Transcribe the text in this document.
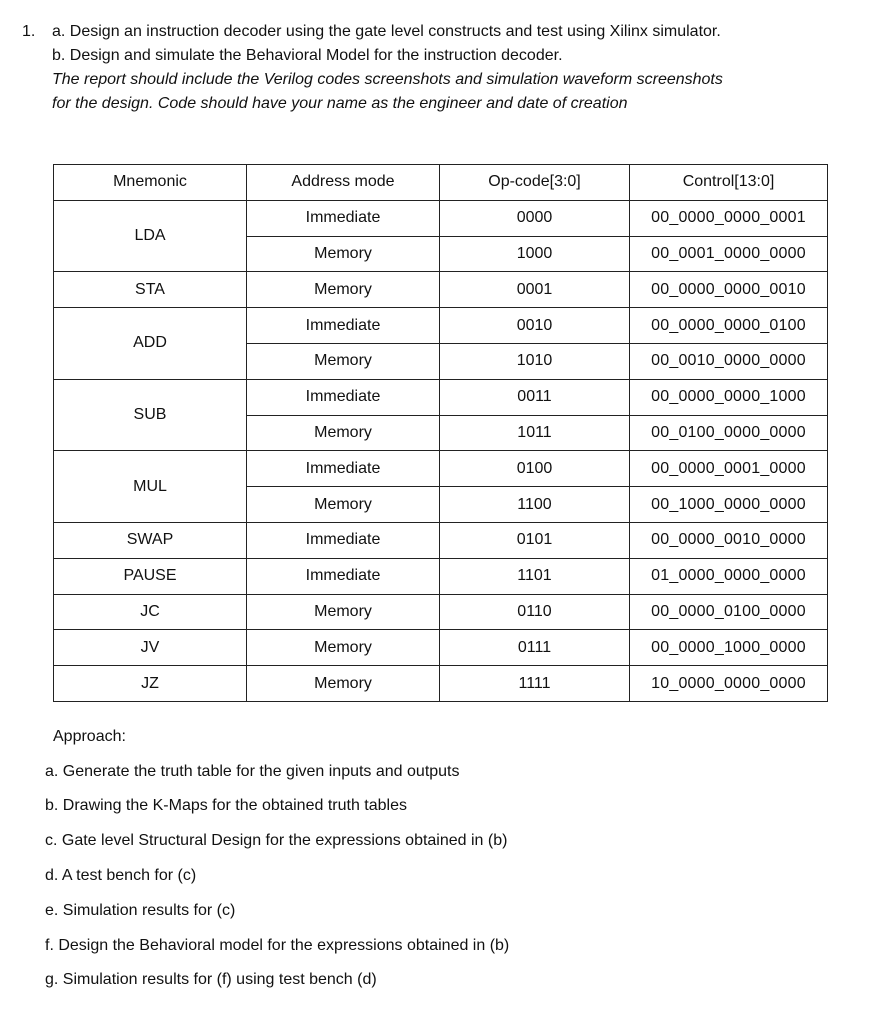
1. a. Design an instruction decoder using the gate level constructs and test using Xilinx simulator.
b. Design and simulate the Behavioral Model for the instruction decoder.
The report should include the Verilog codes screenshots and simulation waveform screenshots
for the design. Code should have your name as the engineer and date of creation
Mnemonic	Address mode	Op-code[3:0]	Control[13:0]
LDA	Immediate	0000	00_0000_0000_0001
	Memory	1000	00_0001_0000_0000
STA	Memory	0001	00_0000_0000_0010
ADD	Immediate	0010	00_0000_0000_0100
	Memory	1010	00_0010_0000_0000
SUB	Immediate	0011	00_0000_0000_1000
	Memory	1011	00_0100_0000_0000
MUL	Immediate	0100	00_0000_0001_0000
	Memory	1100	00_1000_0000_0000
SWAP	Immediate	0101	00_0000_0010_0000
PAUSE	Immediate	1101	01_0000_0000_0000
JC	Memory	0110	00_0000_0100_0000
JV	Memory	0111	00_0000_1000_0000
JZ	Memory	1111	10_0000_0000_0000
Approach:
a. Generate the truth table for the given inputs and outputs
b. Drawing the K-Maps for the obtained truth tables
c. Gate level Structural Design for the expressions obtained in (b)
d. A test bench for (c)
e. Simulation results for (c)
f. Design the Behavioral model for the expressions obtained in (b)
g. Simulation results for (f) using test bench (d)
